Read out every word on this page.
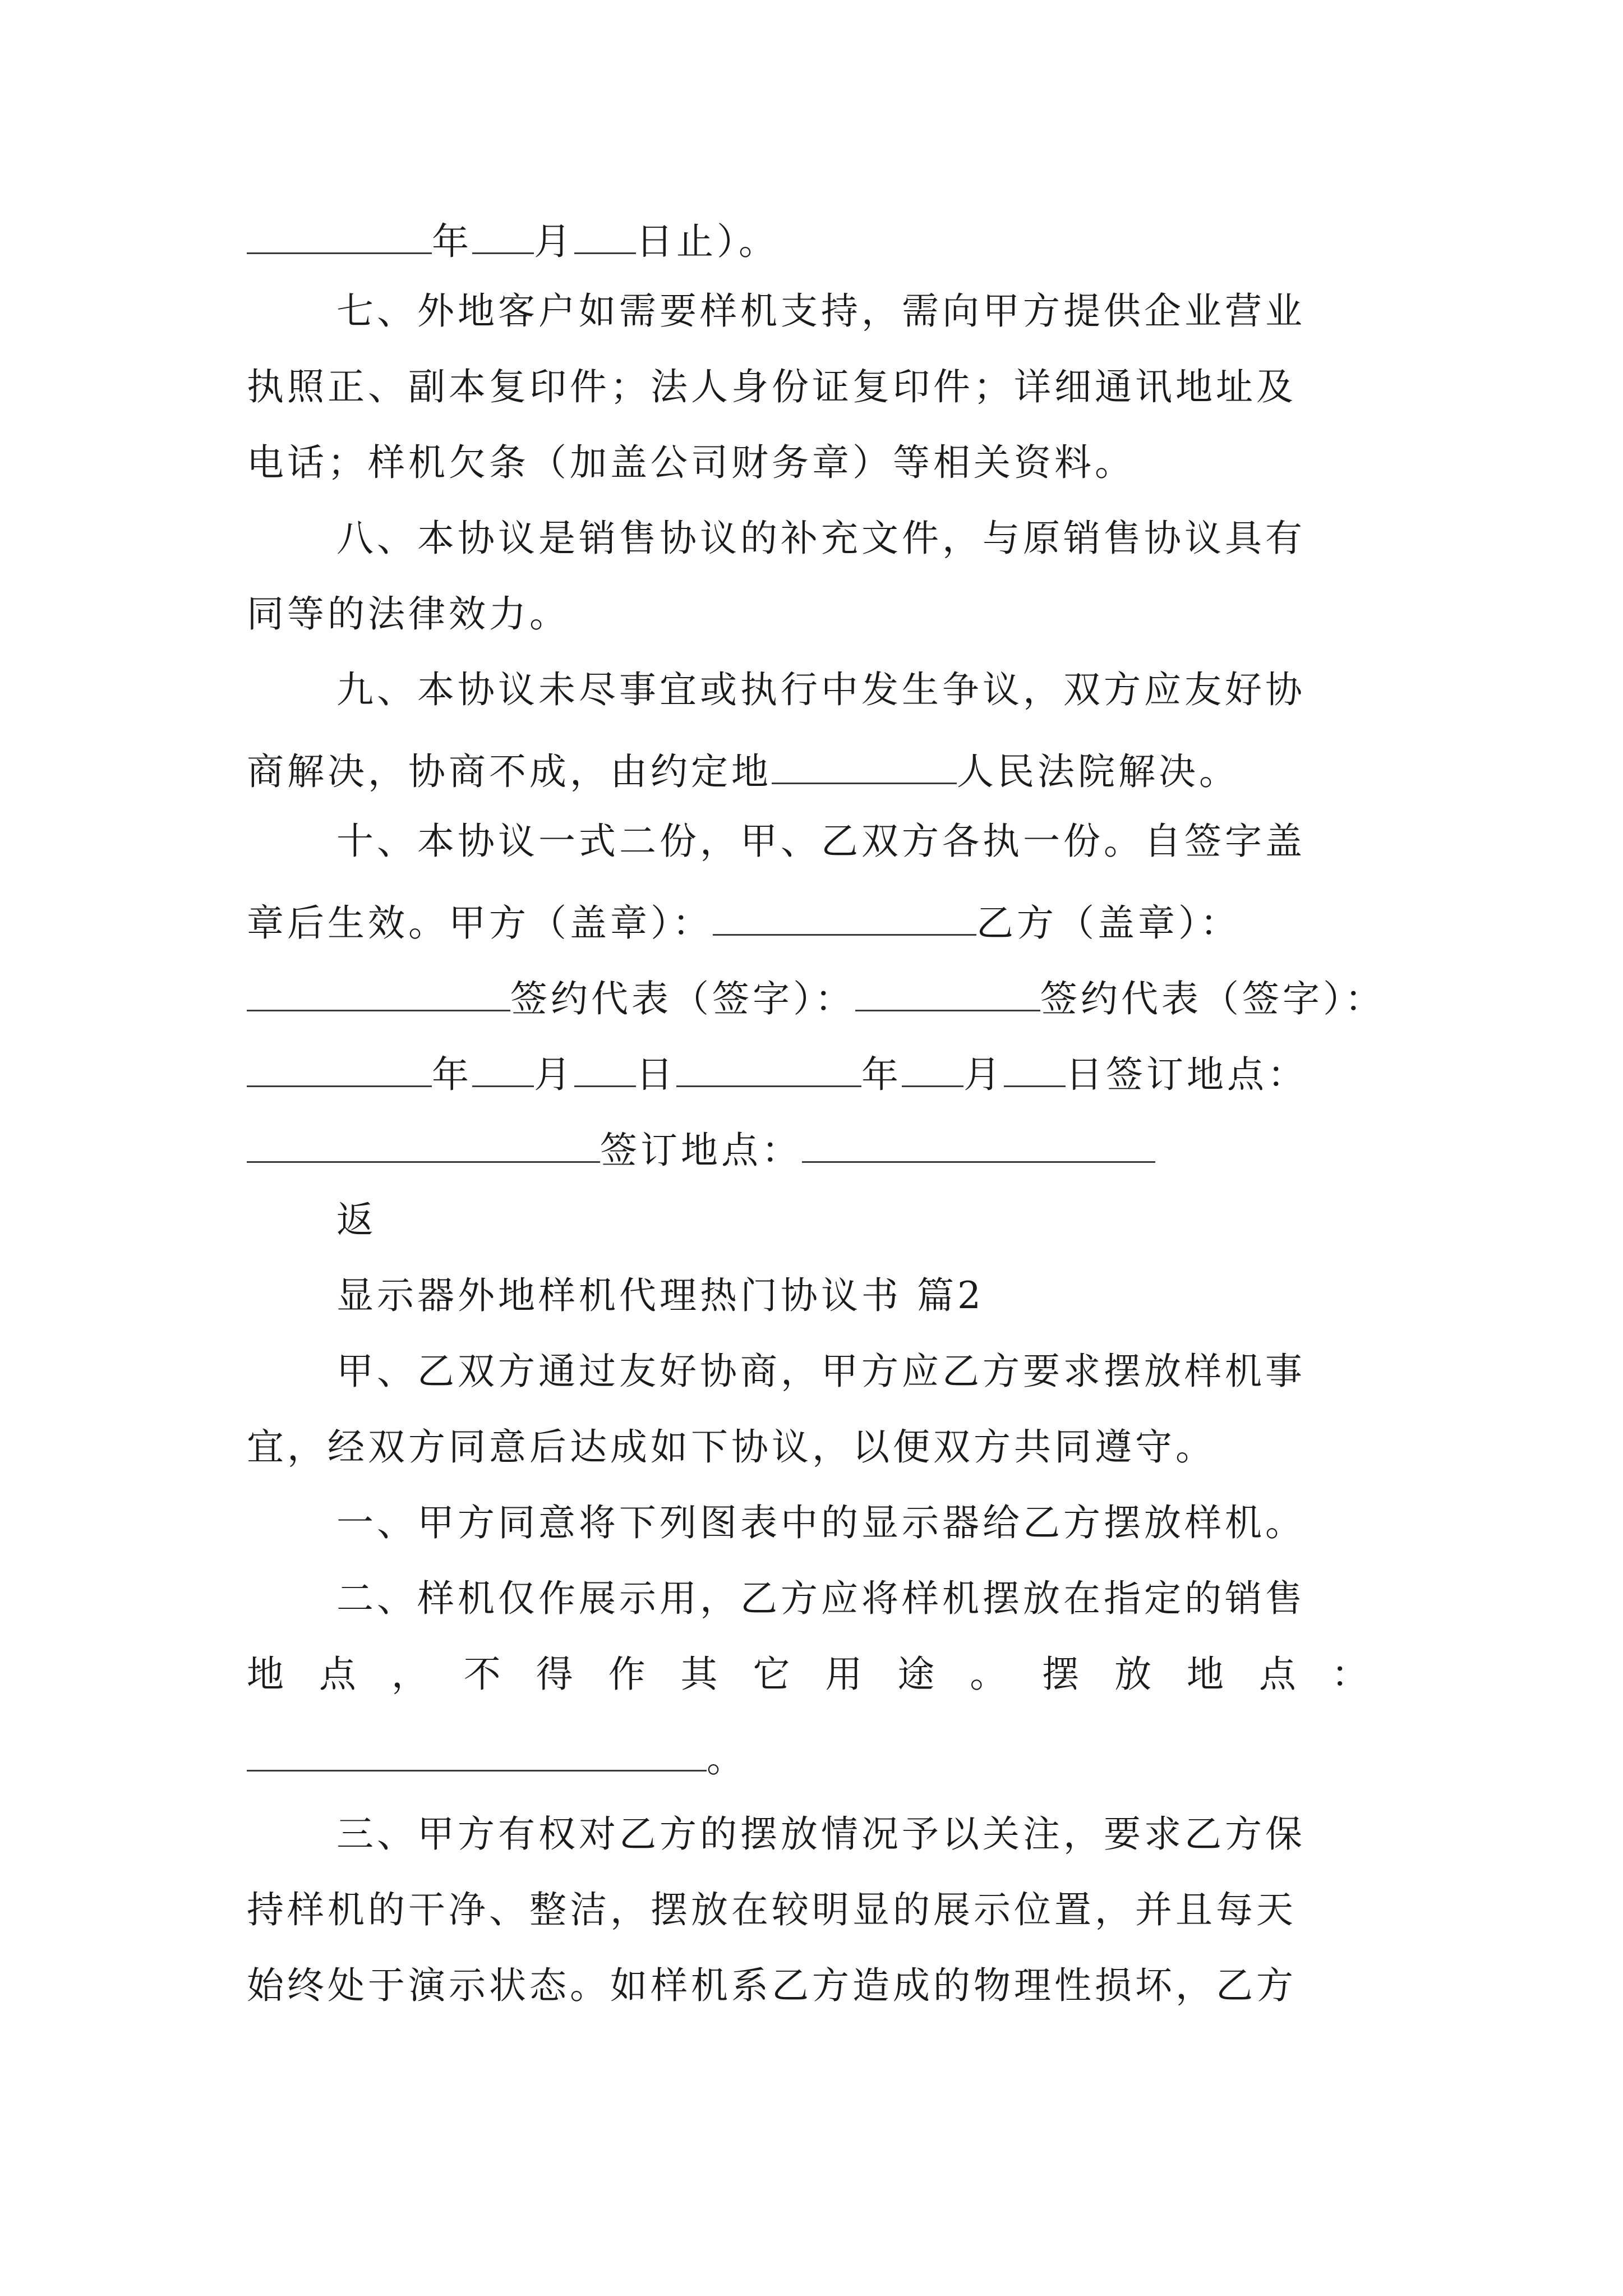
年 月 日止）。
七、外地客户如需要样机支持，需向甲方提供企业营业
执照正、副本复印件；法人身份证复印件；详细通讯地址及
电话；样机欠条（加盖公司财务章）等相关资料。
八、本协议是销售协议的补充文件，与原销售协议具有
同等的法律效力。
九、本协议未尽事宜或执行中发生争议，双方应友好协
商解决，协商不成，由约定地	人民法院解决。
十、本协议一式二份，甲、乙双方各执一份。自签字盖
章后生效。甲方（盖章）：	乙方（盖章）：
签约代表（签字）：	签约代表（签字）：
年 月 日	年 月 日签订地点：
签订地点：
返
显示器外地样机代理热门协议书 篇2
甲、乙双方通过友好协商，甲方应乙方要求摆放样机事
宜，经双方同意后达成如下协议，以便双方共同遵守。
一、甲方同意将下列图表中的显示器给乙方摆放样机。
二、样机仅作展示用，乙方应将样机摆放在指定的销售
地 点 ， 不 得 作 其 它 用 途 。 摆 放 地 点 ：
。
三、甲方有权对乙方的摆放情况予以关注，要求乙方保
持样机的干净、整洁，摆放在较明显的展示位置，并且每天
始终处于演示状态。如样机系乙方造成的物理性损坏，乙方
